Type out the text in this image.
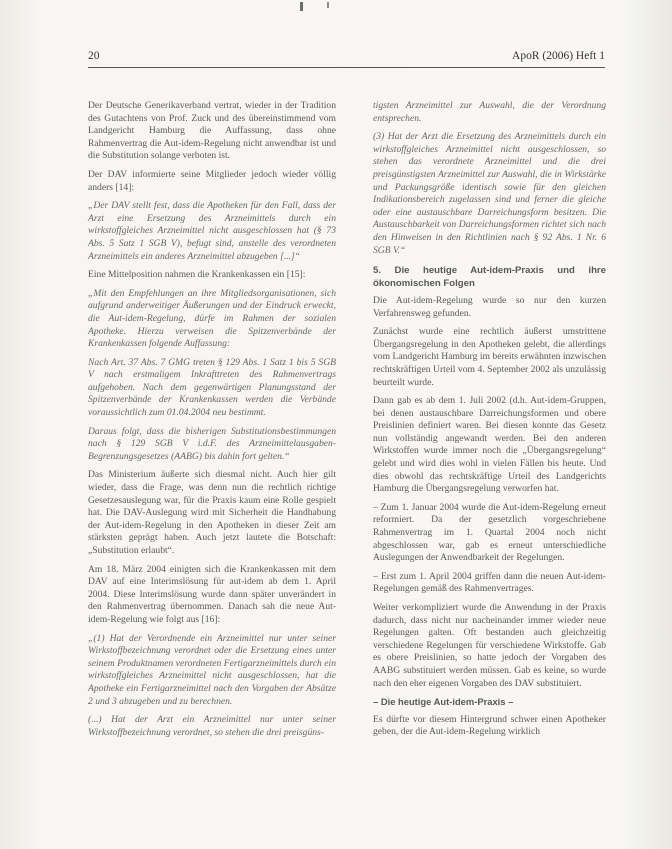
20	ApoR (2006) Heft 1

Der Deutsche Generikaverband vertrat, wieder in der Tradition des Gutachtens von Prof. Zuck und des übereinstimmend vom Landgericht Hamburg die Auffassung, dass ohne Rahmenvertrag die Aut-idem-Regelung nicht anwendbar ist und die Substitution solange verboten ist.

Der DAV informierte seine Mitglieder jedoch wieder völlig anders [14]:

„Der DAV stellt fest, dass die Apotheken für den Fall, dass der Arzt eine Ersetzung des Arzneimittels durch ein wirkstoffgleiches Arzneimittel nicht ausgeschlossen hat (§ 73 Abs. 5 Satz 1 SGB V), befugt sind, anstelle des verordneten Arzneimittels ein anderes Arzneimittel abzugeben [...]“

Eine Mittelposition nahmen die Krankenkassen ein [15]:

„Mit den Empfehlungen an ihre Mitgliedsorganisationen, sich aufgrund anderweitiger Äußerungen und der Eindruck erweckt, die Aut-idem-Regelung, dürfe im Rahmen der sozialen Apotheke. Hierzu verweisen die Spitzenverbände der Krankenkassen folgende Auffassung:

Nach Art. 37 Abs. 7 GMG treten § 129 Abs. 1 Satz 1 bis 5 SGB V nach erstmaligem Inkrafttreten des Rahmenvertrags aufgehoben. Nach dem gegenwärtigen Planungsstand der Spitzenverbände der Krankenkassen werden die Verbände voraussichtlich zum 01.04.2004 neu bestimmt.

Daraus folgt, dass die bisherigen Substitutionsbestimmungen nach § 129 SGB V i.d.F. des Arzneimittelausgaben-Begrenzungsgesetzes (AABG) bis dahin fort gelten.“

Das Ministerium äußerte sich diesmal nicht. Auch hier gilt wieder, dass die Frage, was denn nun die rechtlich richtige Gesetzesauslegung war, für die Praxis kaum eine Rolle gespielt hat. Die DAV-Auslegung wird mit Sicherheit die Handhabung der Aut-idem-Regelung in den Apotheken in dieser Zeit am stärksten geprägt haben. Auch jetzt lautete die Botschaft: „Substitution erlaubt“.

Am 18. März 2004 einigten sich die Krankenkassen mit dem DAV auf eine Interimslösung für aut-idem ab dem 1. April 2004. Diese Interimslösung wurde dann später unverändert in den Rahmenvertrag übernommen. Danach sah die neue Aut-idem-Regelung wie folgt aus [16]:

„(1) Hat der Verordnende ein Arzneimittel nur unter seiner Wirkstoffbezeichnung verordnet oder die Ersetzung eines unter seinem Produktnamen verordneten Fertigarzneimittels durch ein wirkstoffgleiches Arzneimittel nicht ausgeschlossen, hat die Apotheke ein Fertigarzneimittel nach den Vorgaben der Absätze 2 und 3 abzugeben und zu berechnen.

(...) Hat der Arzt ein Arzneimittel nur unter seiner Wirkstoffbezeichnung verordnet, so stehen die drei preisgüns-

tigsten Arzneimittel zur Auswahl, die der Verordnung entsprechen.

(3) Hat der Arzt die Ersetzung des Arzneimittels durch ein wirkstoffgleiches Arzneimittel nicht ausgeschlossen, so stehen das verordnete Arzneimittel und die drei preisgünstigsten Arzneimittel zur Auswahl, die in Wirkstärke und Packungsgröße identisch sowie für den gleichen Indikationsbereich zugelassen sind und ferner die gleiche oder eine austauschbare Darreichungsform besitzen. Die Austauschbarkeit von Darreichungsformen richtet sich nach den Hinweisen in den Richtlinien nach § 92 Abs. 1 Nr. 6 SGB V.“

5. Die heutige Aut-idem-Praxis und ihre ökonomischen Folgen

Die Aut-idem-Regelung wurde so nur den kurzen Verfahrensweg gefunden.

Zunächst wurde eine rechtlich äußerst umstrittene Übergangsregelung in den Apotheken gelebt, die allerdings vom Landgericht Hamburg im bereits erwähnten inzwischen rechtskräftigen Urteil vom 4. September 2002 als unzulässig beurteilt wurde.

Dann gab es ab dem 1. Juli 2002 (d.h. Aut-idem-Gruppen, bei denen austauschbare Darreichungsformen und obere Preislinien definiert waren. Bei diesen konnte das Gesetz nun vollständig angewandt werden. Bei den anderen Wirkstoffen wurde immer noch die „Übergangsregelung“ gelebt und wird dies wohl in vielen Fällen bis heute. Und dies obwohl das rechtskräftige Urteil des Landgerichts Hamburg die Übergangsregelung verworfen hat.

– Zum 1. Januar 2004 wurde die Aut-idem-Regelung erneut reformiert. Da der gesetzlich vorgeschriebene Rahmenvertrag im 1. Quartal 2004 noch nicht abgeschlossen war, gab es erneut unterschiedliche Auslegungen der Anwendbarkeit der Regelungen.

– Erst zum 1. April 2004 griffen dann die neuen Aut-idem-Regelungen gemäß des Rahmenvertrages.

Weiter verkompliziert wurde die Anwendung in der Praxis dadurch, dass nicht nur nacheinander immer wieder neue Regelungen galten. Oft bestanden auch gleichzeitig verschiedene Regelungen für verschiedene Wirkstoffe. Gab es obere Preislinien, so hatte jedoch der Vorgaben des AABG substituiert werden müssen. Gab es keine, so wurde nach den eher eigenen Vorgaben des DAV substituiert.

– Die heutige Aut-idem-Praxis –

Es dürfte vor diesem Hintergrund schwer einen Apotheker geben, der die Aut-idem-Regelung wirklich
